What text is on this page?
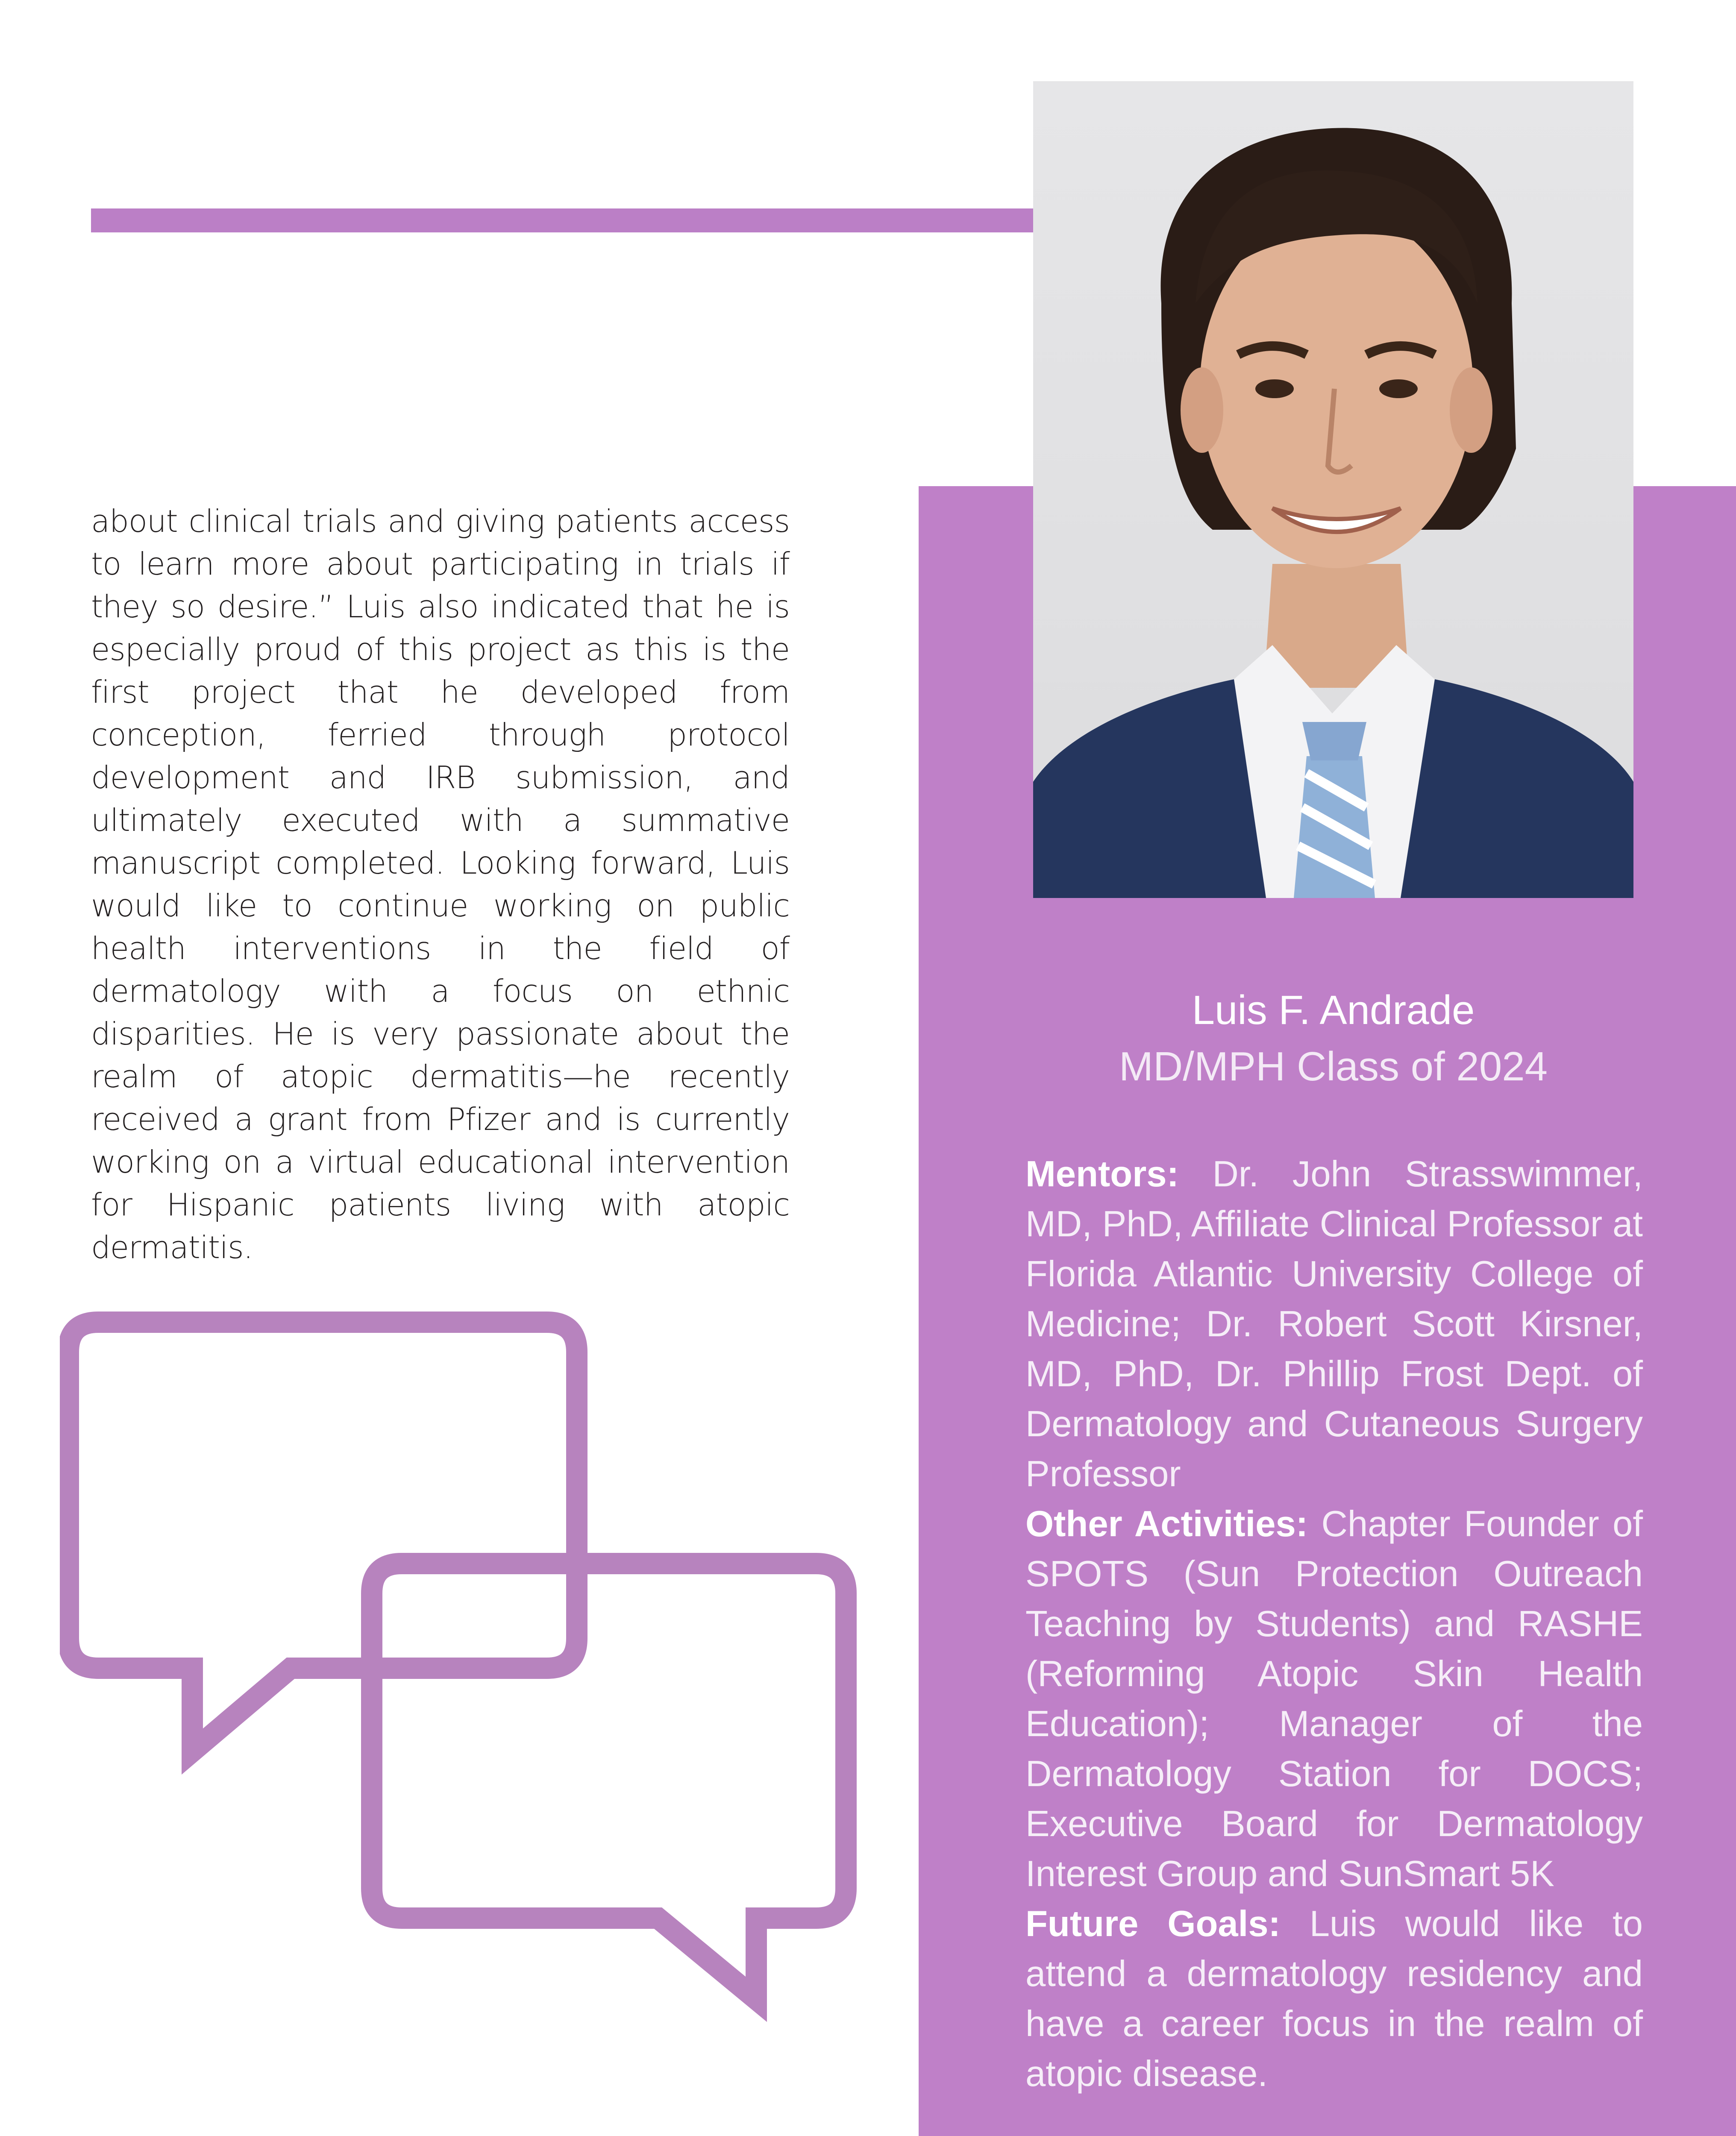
about clinical trials and giving patients access to learn more about participating in trials if they so desire.” Luis also indicated that he is especially proud of this project as this is the first project that he developed from conception, ferried through protocol development and IRB submission, and ultimately executed with a summative manuscript completed. Looking forward, Luis would like to continue working on public health interventions in the field of dermatology with a focus on ethnic disparities. He is very passionate about the realm of atopic dermatitis—he recently received a grant from Pfizer and is currently working on a virtual educational intervention for Hispanic patients living with atopic dermatitis.

Luis F. Andrade
MD/MPH Class of 2024

Mentors: Dr. John Strasswimmer, MD, PhD, Affiliate Clinical Professor at Florida Atlantic University College of Medicine; Dr. Robert Scott Kirsner, MD, PhD, Dr. Phillip Frost Dept. of Dermatology and Cutaneous Surgery Professor

Other Activities: Chapter Founder of SPOTS (Sun Protection Outreach Teaching by Students) and RASHE (Reforming Atopic Skin Health Education); Manager of the Dermatology Station for DOCS; Executive Board for Dermatology Interest Group and SunSmart 5K

Future Goals: Luis would like to attend a dermatology residency and have a career focus in the realm of atopic disease.
